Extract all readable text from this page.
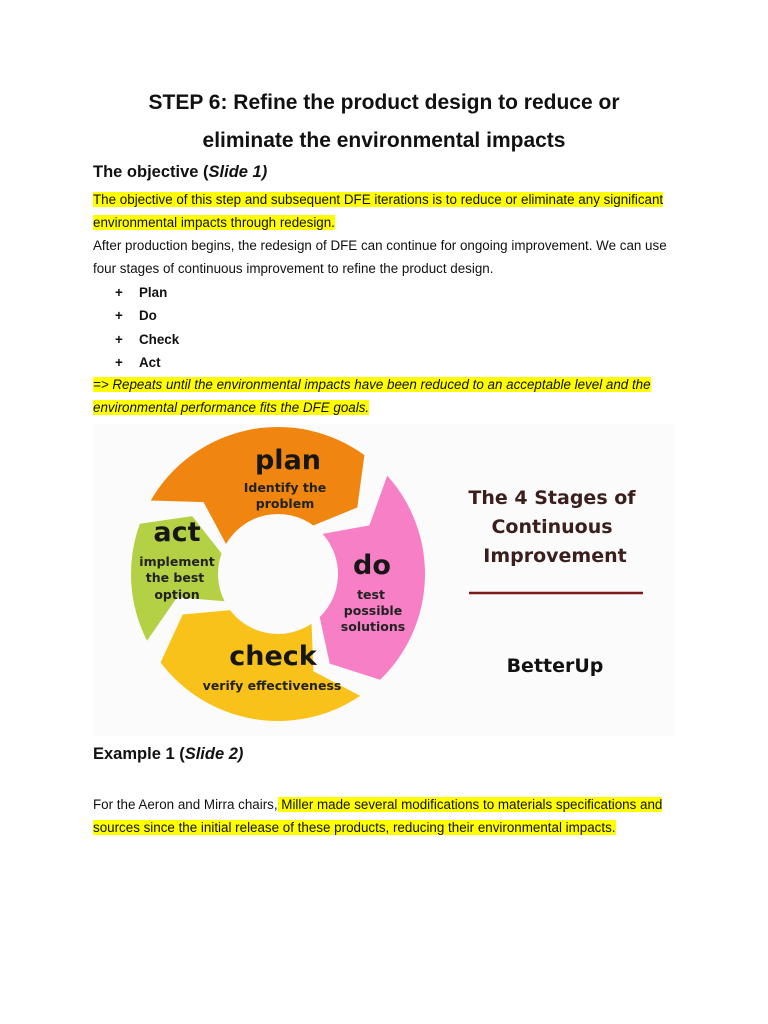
STEP 6: Refine the product design to reduce or
eliminate the environmental impacts
The objective (Slide 1)

The objective of this step and subsequent DFE iterations is to reduce or eliminate any significant environmental impacts through redesign.

After production begins, the redesign of DFE can continue for ongoing improvement. We can use four stages of continuous improvement to refine the product design.

+ Plan
+ Do
+ Check
+ Act

=> Repeats until the environmental impacts have been reduced to an acceptable level and the environmental performance fits the DFE goals.

plan
Identify the
problem
do
test
possible
solutions
check
verify effectiveness
act
implement
the best
option
The 4 Stages of
Continuous
Improvement
BetterUp
Example 1 (Slide 2)

For the Aeron and Mirra chairs, Miller made several modifications to materials specifications and sources since the initial release of these products, reducing their environmental impacts.
